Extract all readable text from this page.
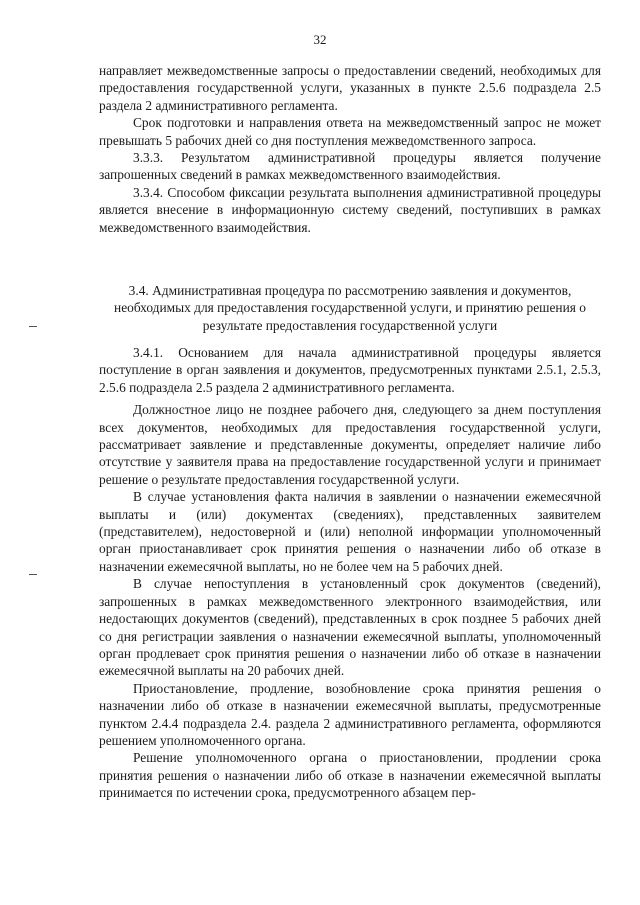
32

направляет межведомственные запросы о предоставлении сведений, необходимых для предоставления государственной услуги, указанных в пункте 2.5.6 подраздела 2.5 раздела 2 административного регламента.

Срок подготовки и направления ответа на межведомственный запрос не может превышать 5 рабочих дней со дня поступления межведомственного запроса.

3.3.3. Результатом административной процедуры является получение запрошенных сведений в рамках межведомственного взаимодействия.

3.3.4. Способом фиксации результата выполнения административной процедуры является внесение в информационную систему сведений, поступивших в рамках межведомственного взаимодействия.

3.4. Административная процедура по рассмотрению заявления и документов, необходимых для предоставления государственной услуги, и принятию решения о результате предоставления государственной услуги

3.4.1. Основанием для начала административной процедуры является поступление в орган заявления и документов, предусмотренных пунктами 2.5.1, 2.5.3, 2.5.6 подраздела 2.5 раздела 2 административного регламента.

Должностное лицо не позднее рабочего дня, следующего за днем поступления всех документов, необходимых для предоставления государственной услуги, рассматривает заявление и представленные документы, определяет наличие либо отсутствие у заявителя права на предоставление государственной услуги и принимает решение о результате предоставления государственной услуги.

В случае установления факта наличия в заявлении о назначении ежемесячной выплаты и (или) документах (сведениях), представленных заявителем (представителем), недостоверной и (или) неполной информации уполномоченный орган приостанавливает срок принятия решения о назначении либо об отказе в назначении ежемесячной выплаты, но не более чем на 5 рабочих дней.

В случае непоступления в установленный срок документов (сведений), запрошенных в рамках межведомственного электронного взаимодействия, или недостающих документов (сведений), представленных в срок позднее 5 рабочих дней со дня регистрации заявления о назначении ежемесячной выплаты, уполномоченный орган продлевает срок принятия решения о назначении либо об отказе в назначении ежемесячной выплаты на 20 рабочих дней.

Приостановление, продление, возобновление срока принятия решения о назначении либо об отказе в назначении ежемесячной выплаты, предусмотренные пунктом 2.4.4 подраздела 2.4. раздела 2 административного регламента, оформляются решением уполномоченного органа.

Решение уполномоченного органа о приостановлении, продлении срока принятия решения о назначении либо об отказе в назначении ежемесячной выплаты принимается по истечении срока, предусмотренного абзацем пер-
